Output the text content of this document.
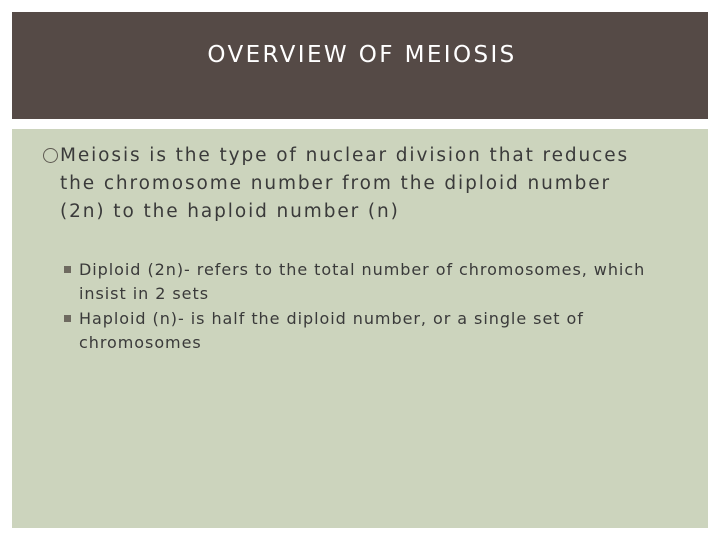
OVERVIEW OF MEIOSIS
Meiosis is the type of nuclear division that reduces
the chromosome number from the diploid number
(2n) to the haploid number (n)
Diploid (2n)- refers to the total number of chromosomes, which
insist in 2 sets
Haploid (n)- is half the diploid number, or a single set of
chromosomes
